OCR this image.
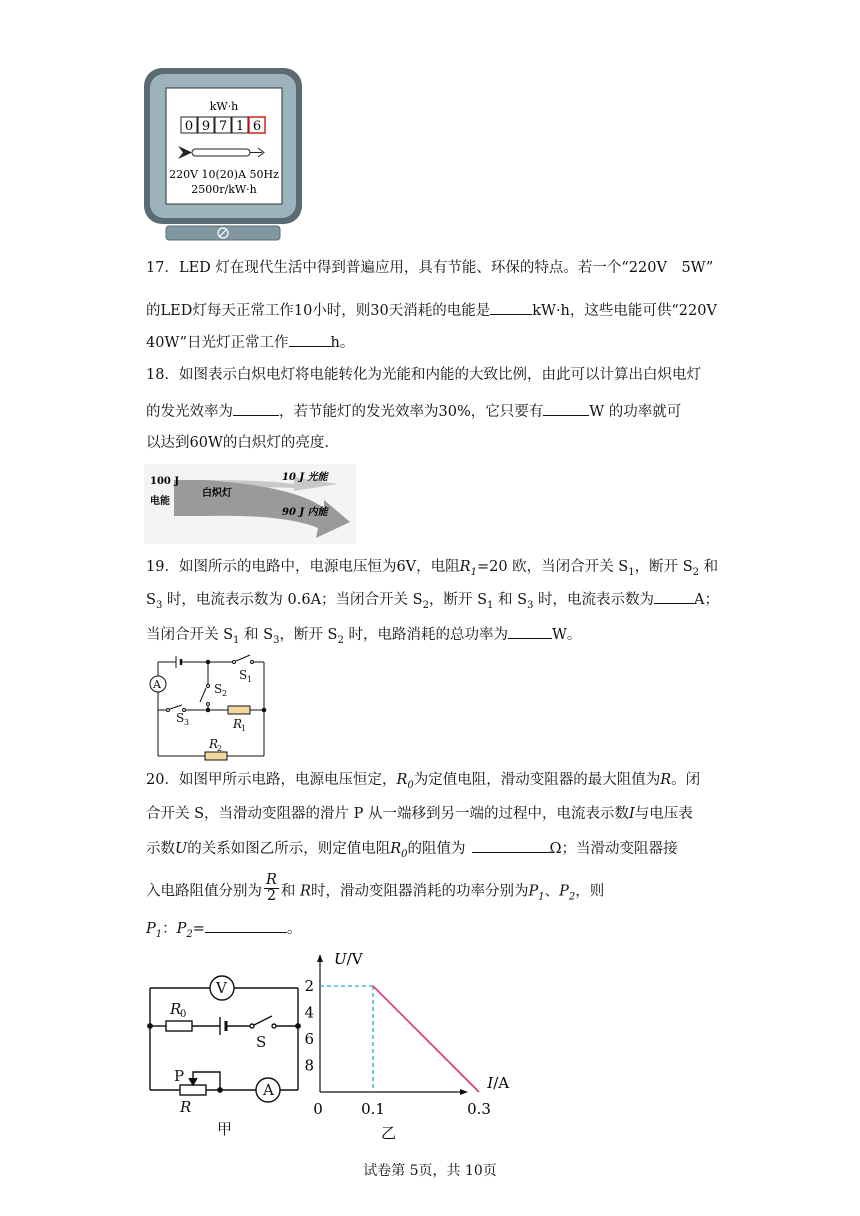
kW·h
0 9 7 1 6
220V 10(20)A 50Hz
2500r/kW·h
17．LED 灯在现代生活中得到普遍应用，具有节能、环保的特点。若一个“220V　5W”
的LED灯每天正常工作10小时，则30天消耗的电能是	kW·h，这些电能可供“220V
40W”日光灯正常工作	h。
18．如图表示白炽电灯将电能转化为光能和内能的大致比例，由此可以计算出白炽电灯
的发光效率为	，若节能灯的发光效率为30%，它只要有	W 的功率就可
以达到60W的白炽灯的亮度.
100 J
电能
白炽灯
10 J 光能
90 J 内能
19．如图所示的电路中，电源电压恒为6V，电阻$R_1=20$ 欧，当闭合开关 $S_1$，断开 $S_2$ 和
$S_3$ 时，电流表示数为 0.6A；当闭合开关 $S_2$，断开 $S_1$ 和 $S_3$ 时，电流表示数为	A；
当闭合开关 $S_1$ 和 $S_3$，断开 $S_2$ 时，电路消耗的总功率为	W。
A
S 1
S 2
S 3	R
1
R
2
20．如图甲所示电路，电源电压恒定，$R_0$为定值电阻，滑动变阻器的最大阻值为R。闭
合开关 S，当滑动变阻器的滑片 P 从一端移到另一端的过程中，电流表示数I与电压表
示数U的关系如图乙所示，则定值电阻$R_0$的阻值为	Ω；当滑动变阻器接
入电路阻值分别为 $\frac{R}{2}$ 和 R时，滑动变阻器消耗的功率分别为$P_1$、$P_2$，则
$P_1$：$P_2=$	。
V
R
0
S
P
R
A
甲
U/V
I/A
乙
8
6
4
2
0	0.1	0.3
试卷第 5页，共 10页
